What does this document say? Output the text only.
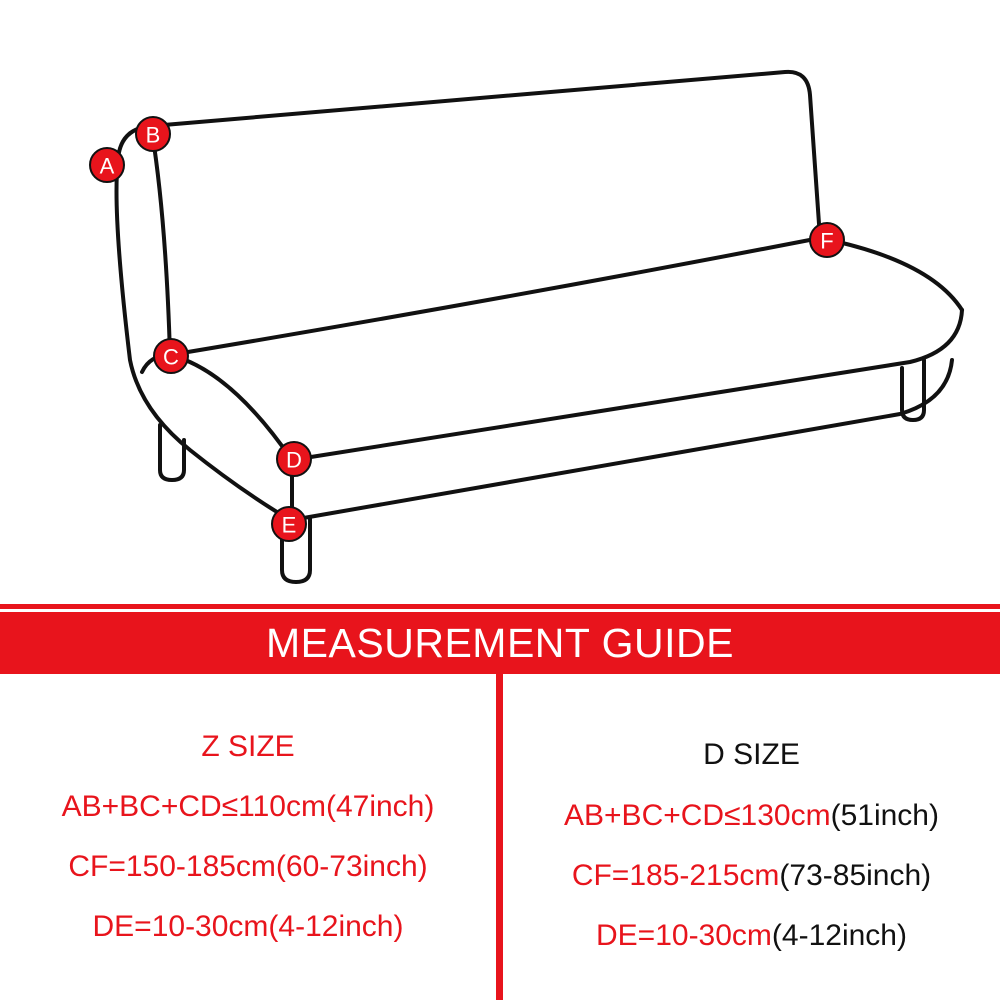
A
B
C
D
E
F
MEASUREMENT GUIDE
Z SIZE
AB+BC+CD≤110cm(47inch)
CF=150-185cm(60-73inch)
DE=10-30cm(4-12inch)
D SIZE
AB+BC+CD≤130cm(51inch)
CF=185-215cm(73-85inch)
DE=10-30cm(4-12inch)
